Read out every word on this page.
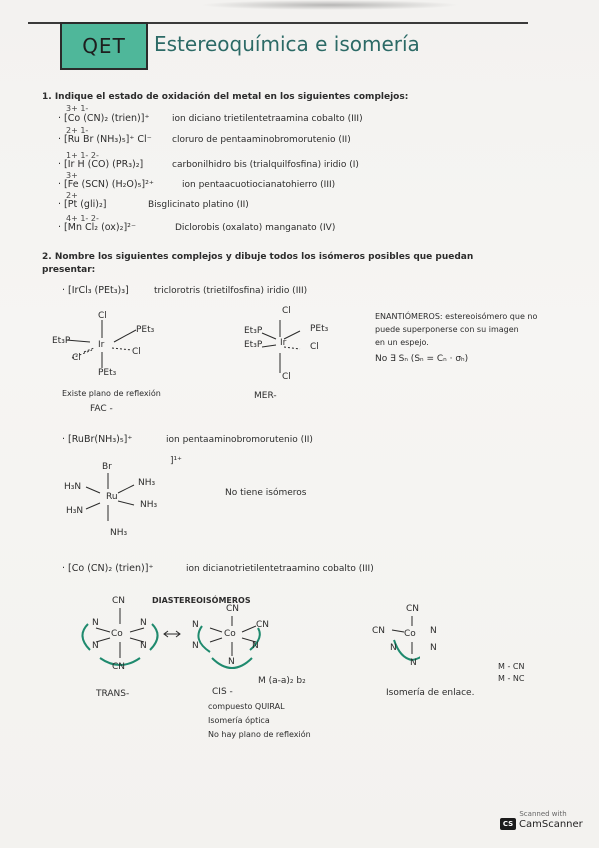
QET Estereoquímica e isomería
1. Indique el estado de oxidación del metal en los siguientes complejos:
3+ 1-
· [Co (CN)₂ (trien)]⁺	ion diciano trietilentetraamina cobalto (III)
2+ 1-
· [Ru Br (NH₃)₅]⁺ Cl⁻ cloruro de pentaaminobromorutenio (II)
1+ 1- 2-
· [Ir H (CO) (PR₃)₂]	carbonilhidro bis (trialquilfosfina) iridio (I)
3+
· [Fe (SCN) (H₂O)₅]²⁺	ion pentaacuotiocianatohierro (III)
2+
· [Pt (gli)₂]	Bisglicinato platino (II)
4+ 1- 2-
· [Mn Cl₂ (ox)₂]²⁻	Diclorobis (oxalato) manganato (IV)
2. Nombre los siguientes complejos y dibuje todos los isómeros posibles que puedan
presentar:
· [IrCl₃ (PEt₃)₃]	triclorotris (trietilfosfina) iridio (III)
Cl
PEt₃
Et₃P	Ir
Cl
Cl
PEt₃
Existe plano de reflexión
FAC -
Cl
Et₃P	PEt₃
Et₃P Ir	Cl
Cl
MER-
ENANTIÓMEROS: estereoisómero que no
puede superponerse con su imagen
en un espejo.
No ∃ Sₙ (Sₙ = Cₙ · σₕ)
· [RuBr(NH₃)₅]⁺	ion pentaaminobromorutenio (II)
Br
]¹⁺
H₃N	NH₃
Ru
NH₃
H₃N
NH₃
No tiene isómeros
· [Co (CN)₂ (trien)]⁺	ion dicianotrietilentetraamino cobalto (III)
DIASTEREOISÓMEROS
CN
N	N
Co
N	N
CN
TRANS-
CN
N	CN
Co
N	N
N
CIS -
M (a-a)₂ b₂
compuesto QUIRAL
Isomería óptica
No hay plano de reflexión
CN
CN	N
Co
N	N
N
Isomería de enlace.
M - CN
M - NC
Scanned with
CS CamScanner
